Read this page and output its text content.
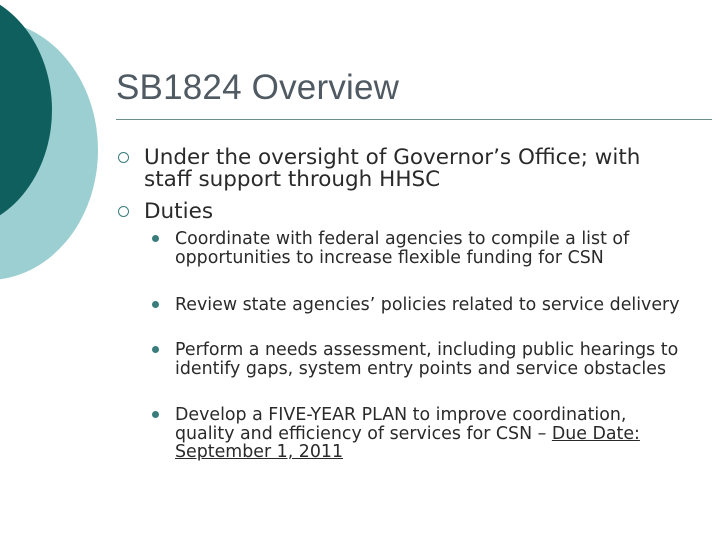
SB1824 Overview
Under the oversight of Governor’s Office; with staff support through HHSC
Duties
Coordinate with federal agencies to compile a list of opportunities to increase flexible funding for CSN
Review state agencies’ policies related to service delivery
Perform a needs assessment, including public hearings to identify gaps, system entry points and service obstacles
Develop a FIVE-YEAR PLAN to improve coordination, quality and efficiency of services for CSN – Due Date: September 1, 2011
